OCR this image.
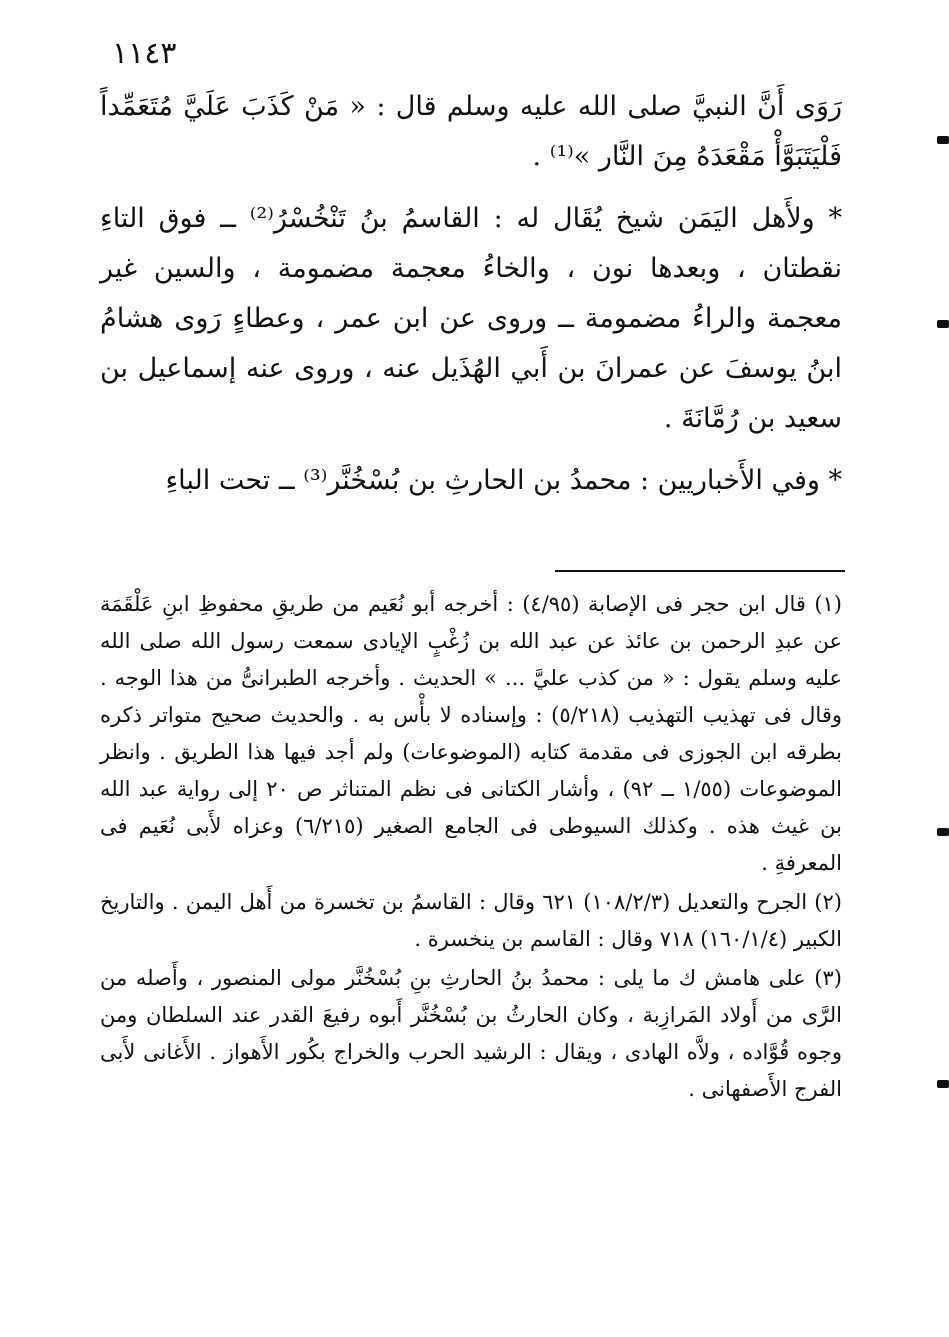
١١٤٣

رَوَى أَنَّ النبيَّ صلى الله عليه وسلم قال : « مَنْ كَذَبَ عَلَيَّ مُتَعَمِّداً فَلْيَتَبَوَّأْ مَقْعَدَهُ مِنَ النَّار »⁽¹⁾ .

* ولأَهل اليَمَن شيخ يُقَال له : القاسمُ بنُ تَنْخُسْرُ⁽²⁾ ــ فوق التاءِ نقطتان ، وبعدها نون ، والخاءُ معجمة مضمومة ، والسين غير معجمة والراءُ مضمومة ــ وروى عن ابن عمر ، وعطاءٍ رَوى هشامُ ابنُ يوسفَ عن عمرانَ بن أَبي الهُذَيل عنه ، وروى عنه إسماعيل بن سعيد بن رُمَّانَةَ .

* وفي الأَخباريين : محمدُ بن الحارثِ بن بُسْخُنَّر⁽³⁾ ــ تحت الباءِ

(١) قال ابن حجر فى الإصابة (٤/٩٥) : أخرجه أبو نُعَيم من طريقِ محفوظِ ابنِ عَلْقَمَة عن عبدِ الرحمن بن عائذ عن عبد الله بن زُغْبٍ الإيادى سمعت رسول الله صلى الله عليه وسلم يقول : « من كذب عليَّ ... » الحديث . وأخرجه الطبرانىُّ من هذا الوجه . وقال فى تهذيب التهذيب (٥/٢١٨) : وإسناده لا بأْس به . والحديث صحيح متواتر ذكره بطرقه ابن الجوزى فى مقدمة كتابه (الموضوعات) ولم أجد فيها هذا الطريق . وانظر الموضوعات (١/٥٥ ــ ٩٢) ، وأشار الكتانى فى نظم المتناثر ص ٢٠ إلى رواية عبد الله بن غيث هذه . وكذلك السيوطى فى الجامع الصغير (٦/٢١٥) وعزاه لأَبى نُعَيم فى المعرفةِ .

(٢) الجرح والتعديل (١٠٨/٢/٣) ٦٢١ وقال : القاسمُ بن تخسرة من أَهل اليمن . والتاريخ الكبير (١٦٠/١/٤) ٧١٨ وقال : القاسم بن ينخسرة .

(٣) على هامش ك ما يلى : محمدُ بنُ الحارثِ بنِ بُسْخُنَّر مولى المنصور ، وأَصله من الرَّى من أَولاد المَرازِبة ، وكان الحارثُ بن بُسْخُنَّر أَبوه رفيعَ القدر عند السلطان ومن وجوه قُوَّاده ، ولاَّه الهادى ، ويقال : الرشيد الحرب والخراج بكُور الأَهواز . الأَغانى لأَبى الفرج الأَصفهانى .
